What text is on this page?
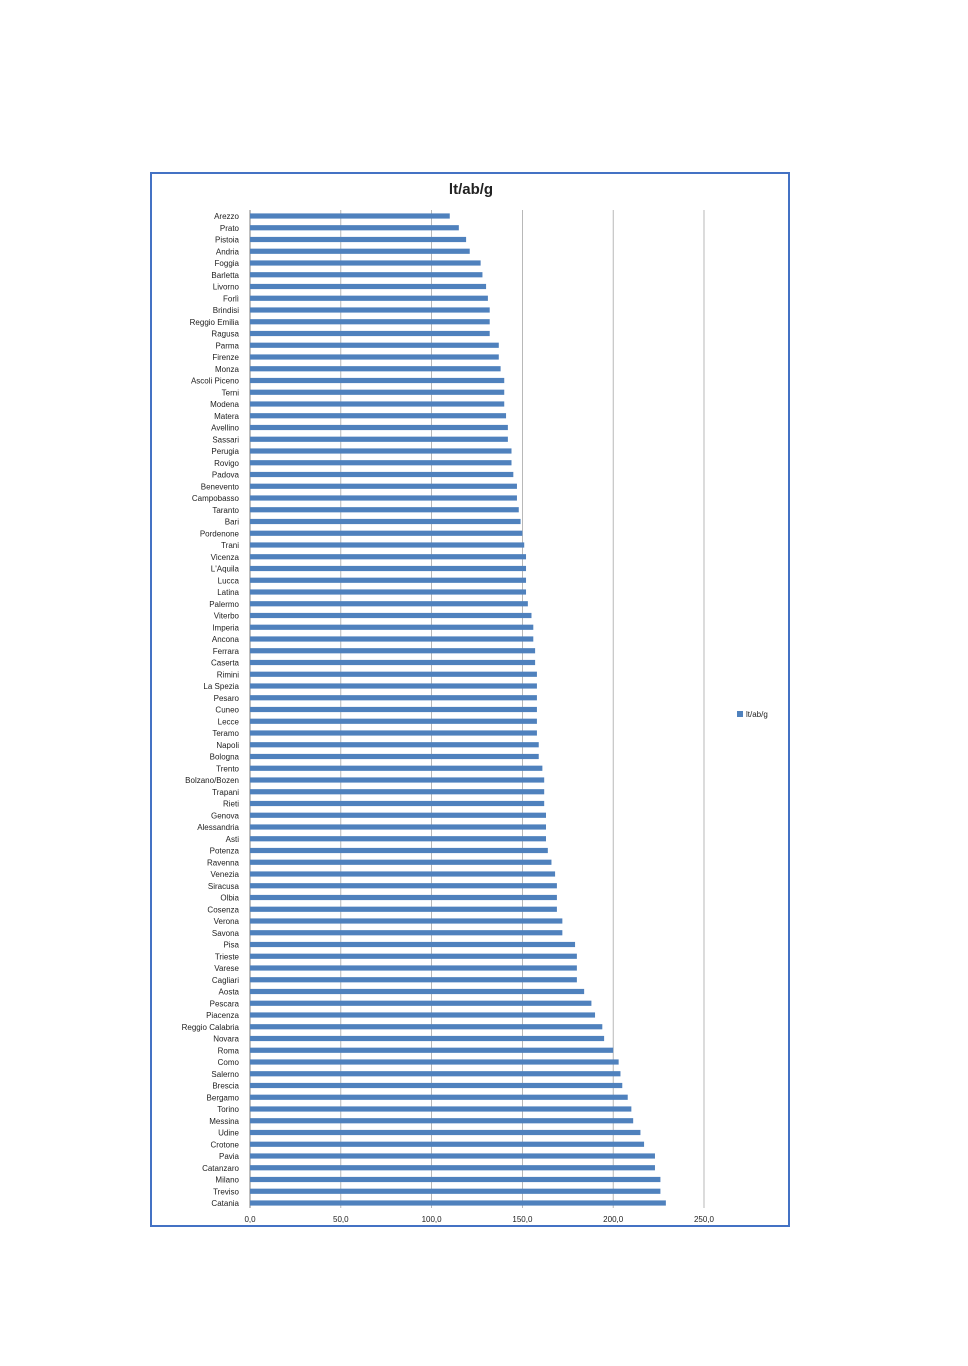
lt/ab/g
Arezzo
Prato
Pistoia
Andria
Foggia
Barletta
Livorno
Forlì
Brindisi
Reggio Emilia
Ragusa
Parma
Firenze
Monza
Ascoli Piceno
Terni
Modena
Matera
Avellino
Sassari
Perugia
Rovigo
Padova
Benevento
Campobasso
Taranto
Bari
Pordenone
Trani
Vicenza
L'Aquila
Lucca
Latina
Palermo
Viterbo
Imperia
Ancona
Ferrara
Caserta
Rimini
La Spezia
Pesaro
Cuneo
Lecce
Teramo
Napoli
Bologna
Trento
Bolzano/Bozen
Trapani
Rieti
Genova
Alessandria
Asti
Potenza
Ravenna
Venezia
Siracusa
Olbia
Cosenza
Verona
Savona
Pisa
Trieste
Varese
Cagliari
Aosta
Pescara
Piacenza
Reggio Calabria
Novara
Roma
Como
Salerno
Brescia
Bergamo
Torino
Messina
Udine
Crotone
Pavia
Catanzaro
Milano
Treviso
Catania
0,0	50,0	100,0	150,0	200,0	250,0
lt/ab/g
